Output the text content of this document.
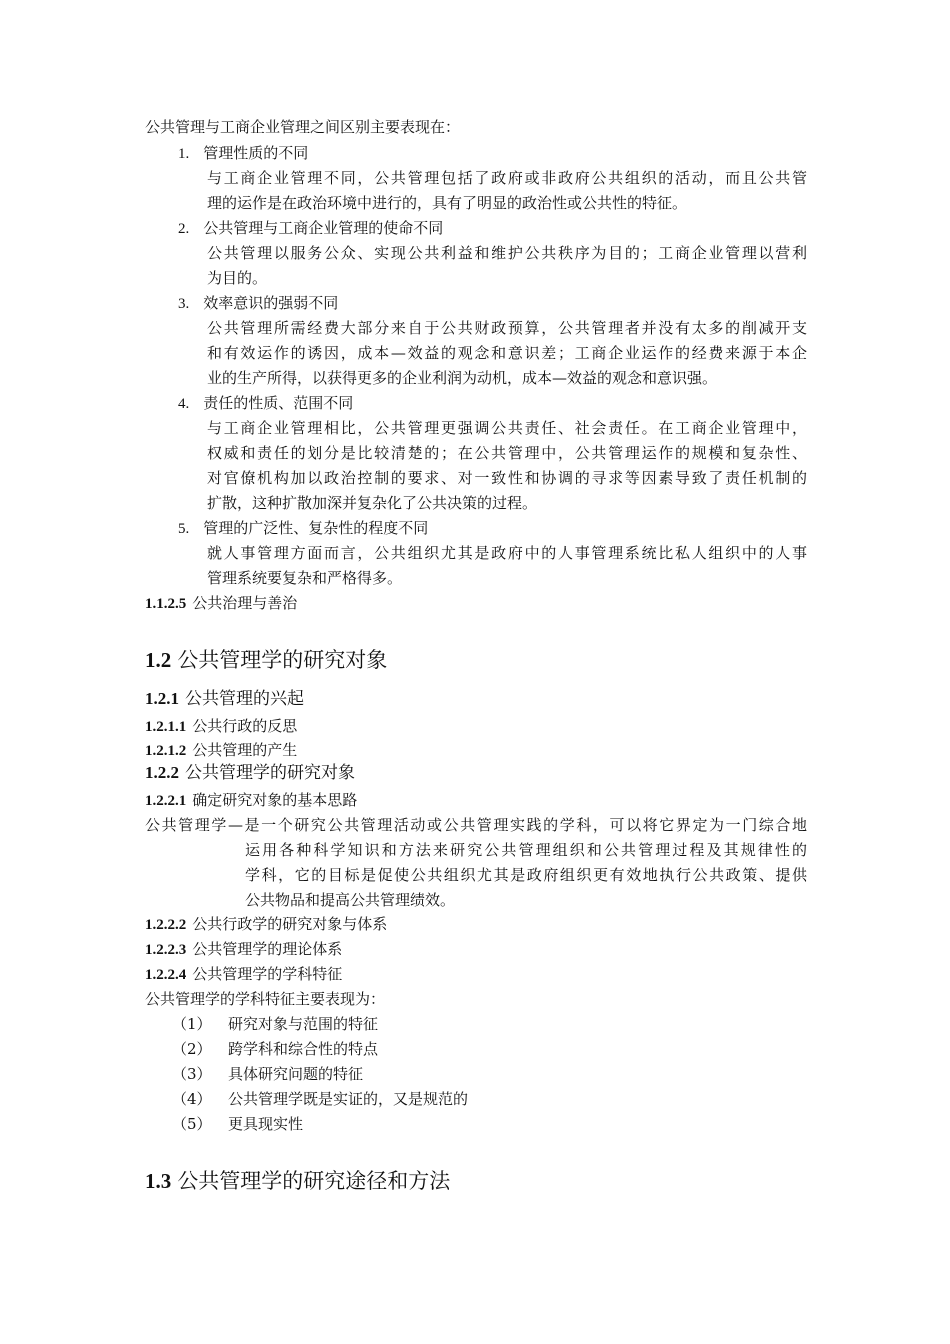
公共管理与工商企业管理之间区别主要表现在：
1. 管理性质的不同
与工商企业管理不同，公共管理包括了政府或非政府公共组织的活动，而且公共管
理的运作是在政治环境中进行的，具有了明显的政治性或公共性的特征。
2. 公共管理与工商企业管理的使命不同
公共管理以服务公众、实现公共利益和维护公共秩序为目的；工商企业管理以营利
为目的。
3. 效率意识的强弱不同
公共管理所需经费大部分来自于公共财政预算，公共管理者并没有太多的削减开支
和有效运作的诱因，成本—效益的观念和意识差；工商企业运作的经费来源于本企
业的生产所得，以获得更多的企业利润为动机，成本—效益的观念和意识强。
4. 责任的性质、范围不同
与工商企业管理相比，公共管理更强调公共责任、社会责任。在工商企业管理中，
权威和责任的划分是比较清楚的；在公共管理中，公共管理运作的规模和复杂性、
对官僚机构加以政治控制的要求、对一致性和协调的寻求等因素导致了责任机制的
扩散，这种扩散加深并复杂化了公共决策的过程。
5. 管理的广泛性、复杂性的程度不同
就人事管理方面而言，公共组织尤其是政府中的人事管理系统比私人组织中的人事
管理系统要复杂和严格得多。
1.1.2.5 公共治理与善治
1.2 公共管理学的研究对象
1.2.1 公共管理的兴起
1.2.1.1 公共行政的反思
1.2.1.2 公共管理的产生
1.2.2 公共管理学的研究对象
1.2.2.1 确定研究对象的基本思路
公共管理学—是一个研究公共管理活动或公共管理实践的学科，可以将它界定为一门综合地
运用各种科学知识和方法来研究公共管理组织和公共管理过程及其规律性的
学科，它的目标是促使公共组织尤其是政府组织更有效地执行公共政策、提供
公共物品和提高公共管理绩效。
1.2.2.2 公共行政学的研究对象与体系
1.2.2.3 公共管理学的理论体系
1.2.2.4 公共管理学的学科特征
公共管理学的学科特征主要表现为：
（1） 研究对象与范围的特征
（2） 跨学科和综合性的特点
（3） 具体研究问题的特征
（4） 公共管理学既是实证的，又是规范的
（5） 更具现实性
1.3 公共管理学的研究途径和方法
